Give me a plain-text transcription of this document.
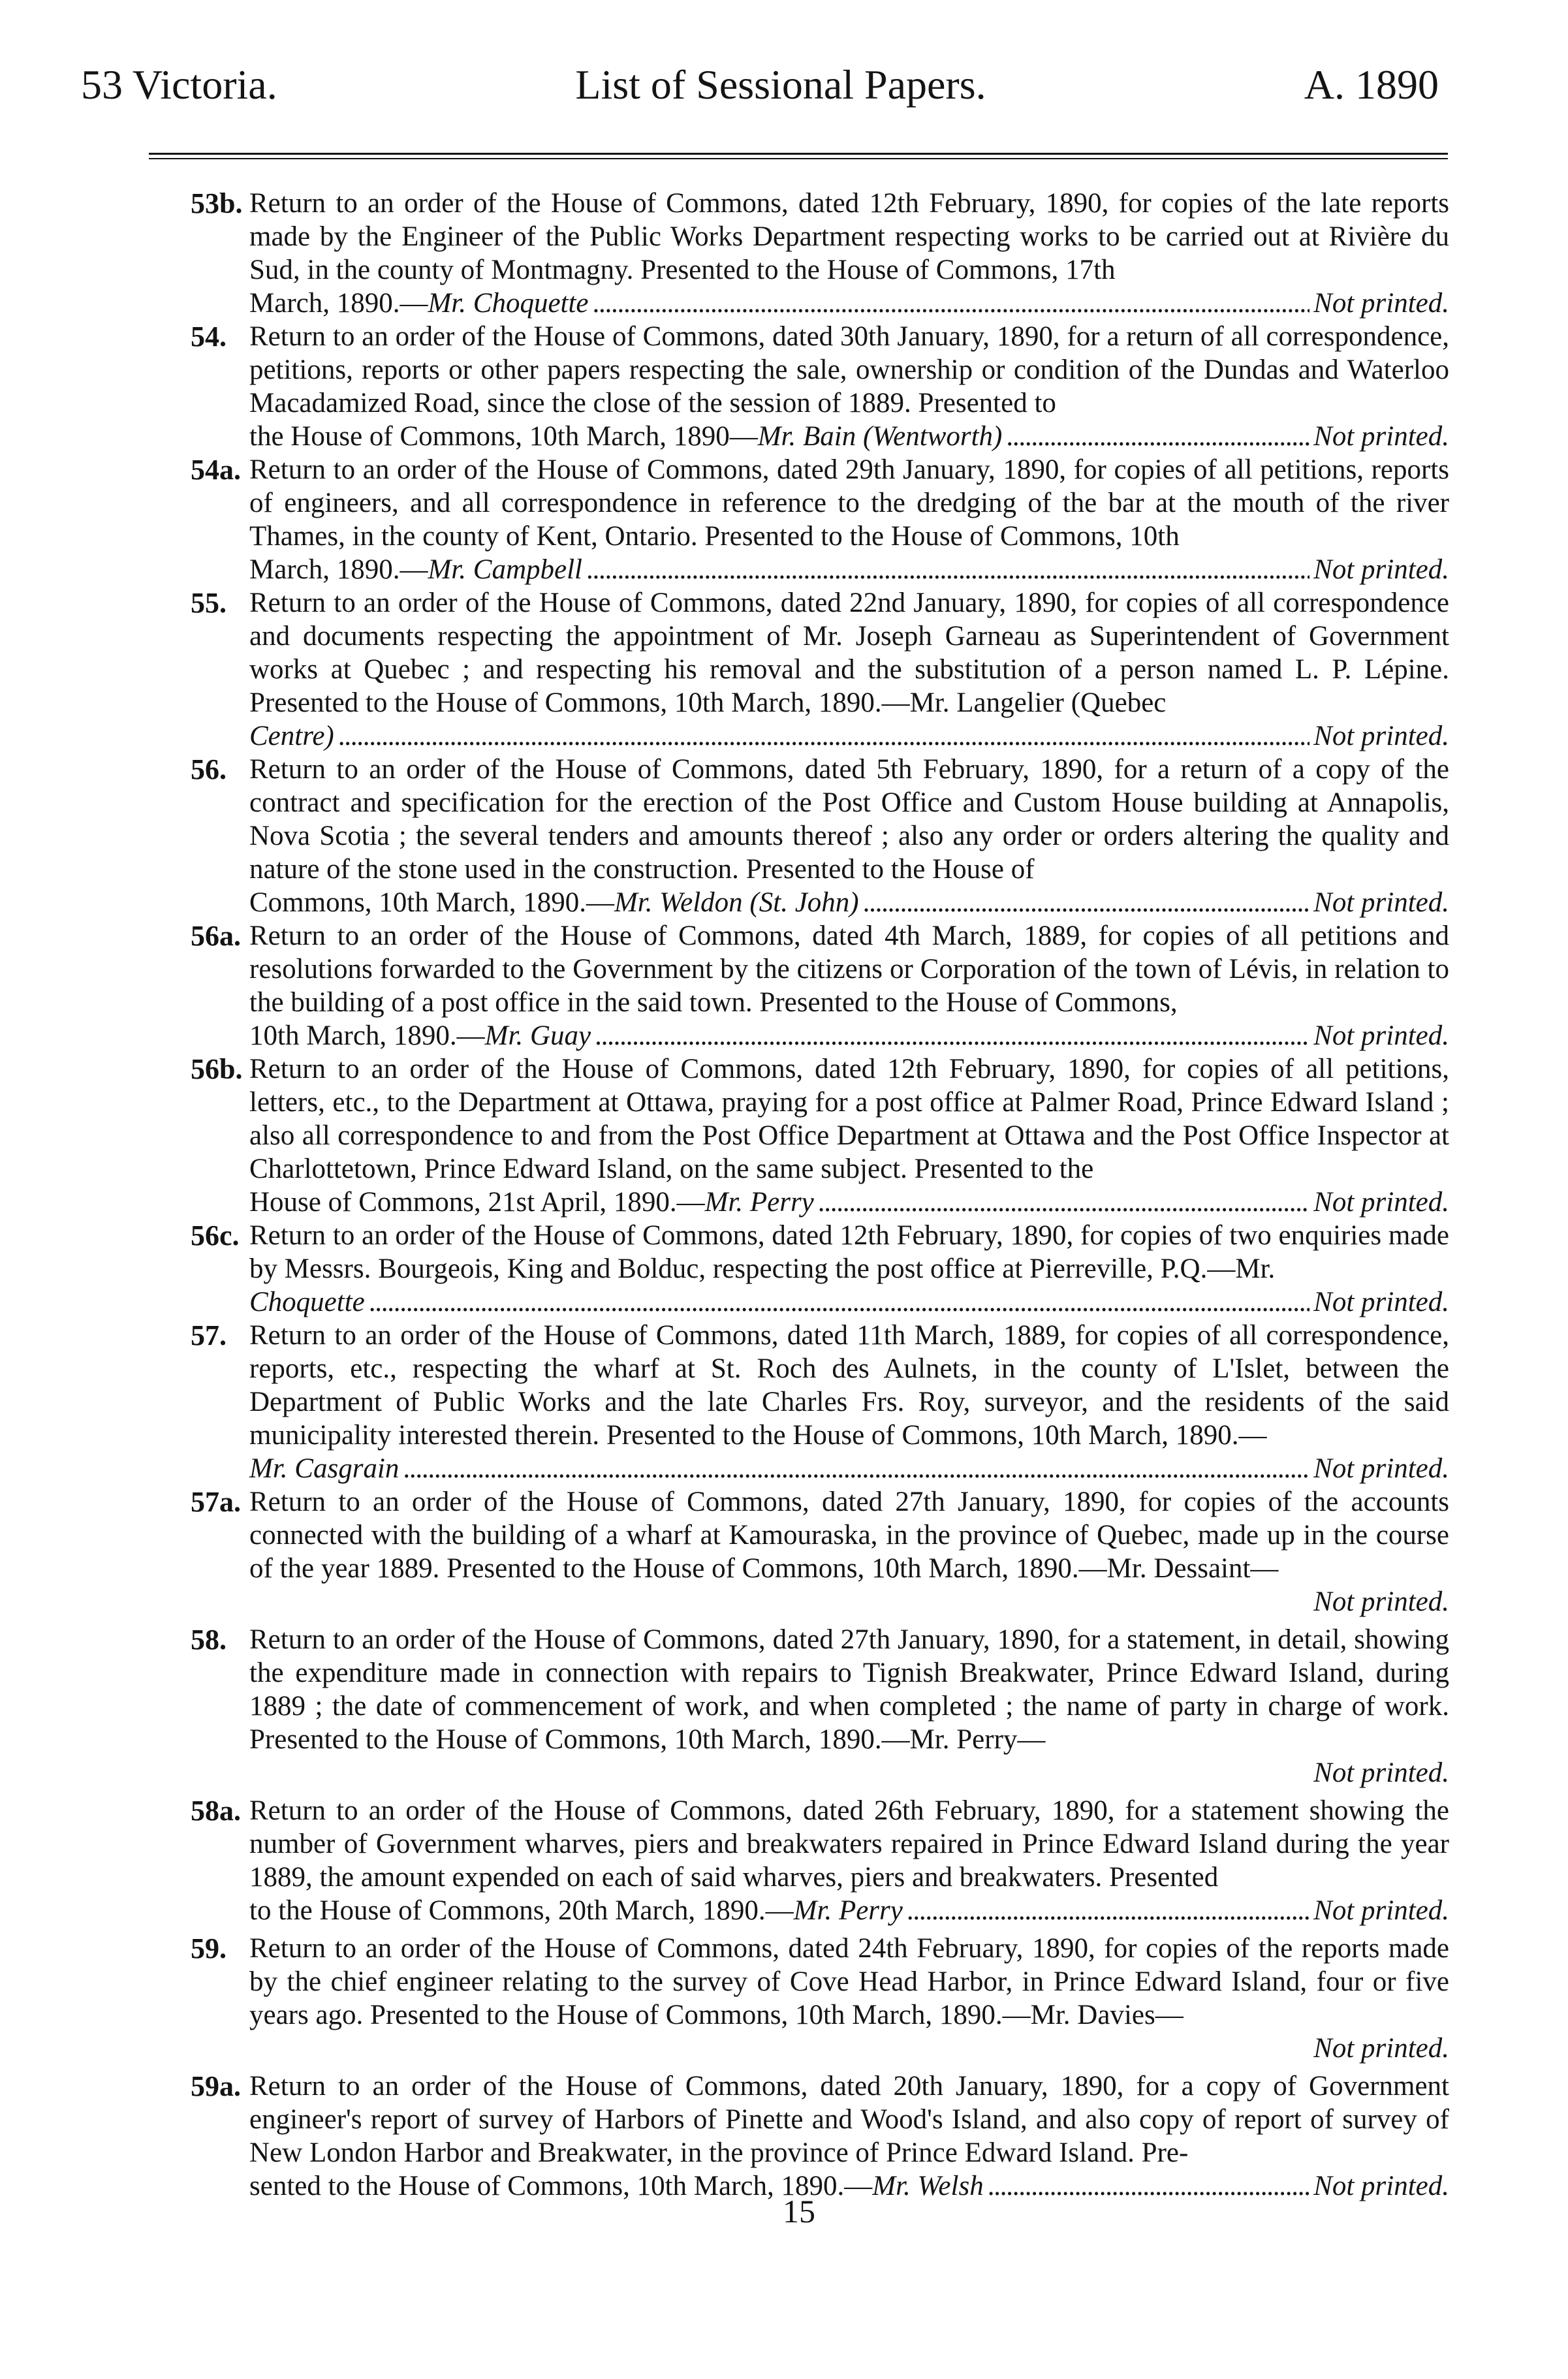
53 Victoria.	List of Sessional Papers.	A. 1890
53b. Return to an order of the House of Commons, dated 12th February, 1890, for copies of the late reports made by the Engineer of the Public Works Department respecting works to be carried out at Rivière du Sud, in the county of Montmagny. Presented to the House of Commons, 17th
March, 1890.—Mr. Choquette . . .	Not printed.
54. Return to an order of the House of Commons, dated 30th January, 1890, for a return of all correspondence, petitions, reports or other papers respecting the sale, ownership or condition of the Dundas and Waterloo Macadamized Road, since the close of the session of 1889. Presented to
the House of Commons, 10th March, 1890—Mr. Bain (Wentworth) . . .	Not printed.
54a. Return to an order of the House of Commons, dated 29th January, 1890, for copies of all petitions, reports of engineers, and all correspondence in reference to the dredging of the bar at the mouth of the river Thames, in the county of Kent, Ontario. Presented to the House of Commons, 10th
March, 1890.—Mr. Campbell . . .	Not printed.
55. Return to an order of the House of Commons, dated 22nd January, 1890, for copies of all correspondence and documents respecting the appointment of Mr. Joseph Garneau as Superintendent of Government works at Quebec ; and respecting his removal and the substitution of a person named L. P. Lépine. Presented to the House of Commons, 10th March, 1890.—Mr. Langelier (Quebec
Centre) . . .	Not printed.
56. Return to an order of the House of Commons, dated 5th February, 1890, for a return of a copy of the contract and specification for the erection of the Post Office and Custom House building at Annapolis, Nova Scotia ; the several tenders and amounts thereof ; also any order or orders altering the quality and nature of the stone used in the construction. Presented to the House of
Commons, 10th March, 1890.—Mr. Weldon (St. John) . . .	Not printed.
56a. Return to an order of the House of Commons, dated 4th March, 1889, for copies of all petitions and resolutions forwarded to the Government by the citizens or Corporation of the town of Lévis, in relation to the building of a post office in the said town. Presented to the House of Commons,
10th March, 1890.—Mr. Guay . . .	Not printed.
56b. Return to an order of the House of Commons, dated 12th February, 1890, for copies of all petitions, letters, etc., to the Department at Ottawa, praying for a post office at Palmer Road, Prince Edward Island ; also all correspondence to and from the Post Office Department at Ottawa and the Post Office Inspector at Charlottetown, Prince Edward Island, on the same subject. Presented to the
House of Commons, 21st April, 1890.—Mr. Perry . . .	Not printed.
56c. Return to an order of the House of Commons, dated 12th February, 1890, for copies of two enquiries made by Messrs. Bourgeois, King and Bolduc, respecting the post office at Pierreville, P.Q.—Mr.
Choquette . . .	Not printed.
57. Return to an order of the House of Commons, dated 11th March, 1889, for copies of all correspondence, reports, etc., respecting the wharf at St. Roch des Aulnets, in the county of L'Islet, between the Department of Public Works and the late Charles Frs. Roy, surveyor, and the residents of the said municipality interested therein. Presented to the House of Commons, 10th March, 1890.—
Mr. Casgrain . . .	Not printed.
57a. Return to an order of the House of Commons, dated 27th January, 1890, for copies of the accounts connected with the building of a wharf at Kamouraska, in the province of Quebec, made up in the course of the year 1889. Presented to the House of Commons, 10th March, 1890.—Mr. Dessaint—
Not printed.
58. Return to an order of the House of Commons, dated 27th January, 1890, for a statement, in detail, showing the expenditure made in connection with repairs to Tignish Breakwater, Prince Edward Island, during 1889 ; the date of commencement of work, and when completed ; the name of party in charge of work. Presented to the House of Commons, 10th March, 1890.—Mr. Perry—
Not printed.
58a. Return to an order of the House of Commons, dated 26th February, 1890, for a statement showing the number of Government wharves, piers and breakwaters repaired in Prince Edward Island during the year 1889, the amount expended on each of said wharves, piers and breakwaters. Presented
to the House of Commons, 20th March, 1890.—Mr. Perry . . .	Not printed.
59. Return to an order of the House of Commons, dated 24th February, 1890, for copies of the reports made by the chief engineer relating to the survey of Cove Head Harbor, in Prince Edward Island, four or five years ago. Presented to the House of Commons, 10th March, 1890.—Mr. Davies—
Not printed.
59a. Return to an order of the House of Commons, dated 20th January, 1890, for a copy of Government engineer's report of survey of Harbors of Pinette and Wood's Island, and also copy of report of survey of New London Harbor and Breakwater, in the province of Prince Edward Island. Pre-
sented to the House of Commons, 10th March, 1890.—Mr. Welsh . . .	Not printed.
15
